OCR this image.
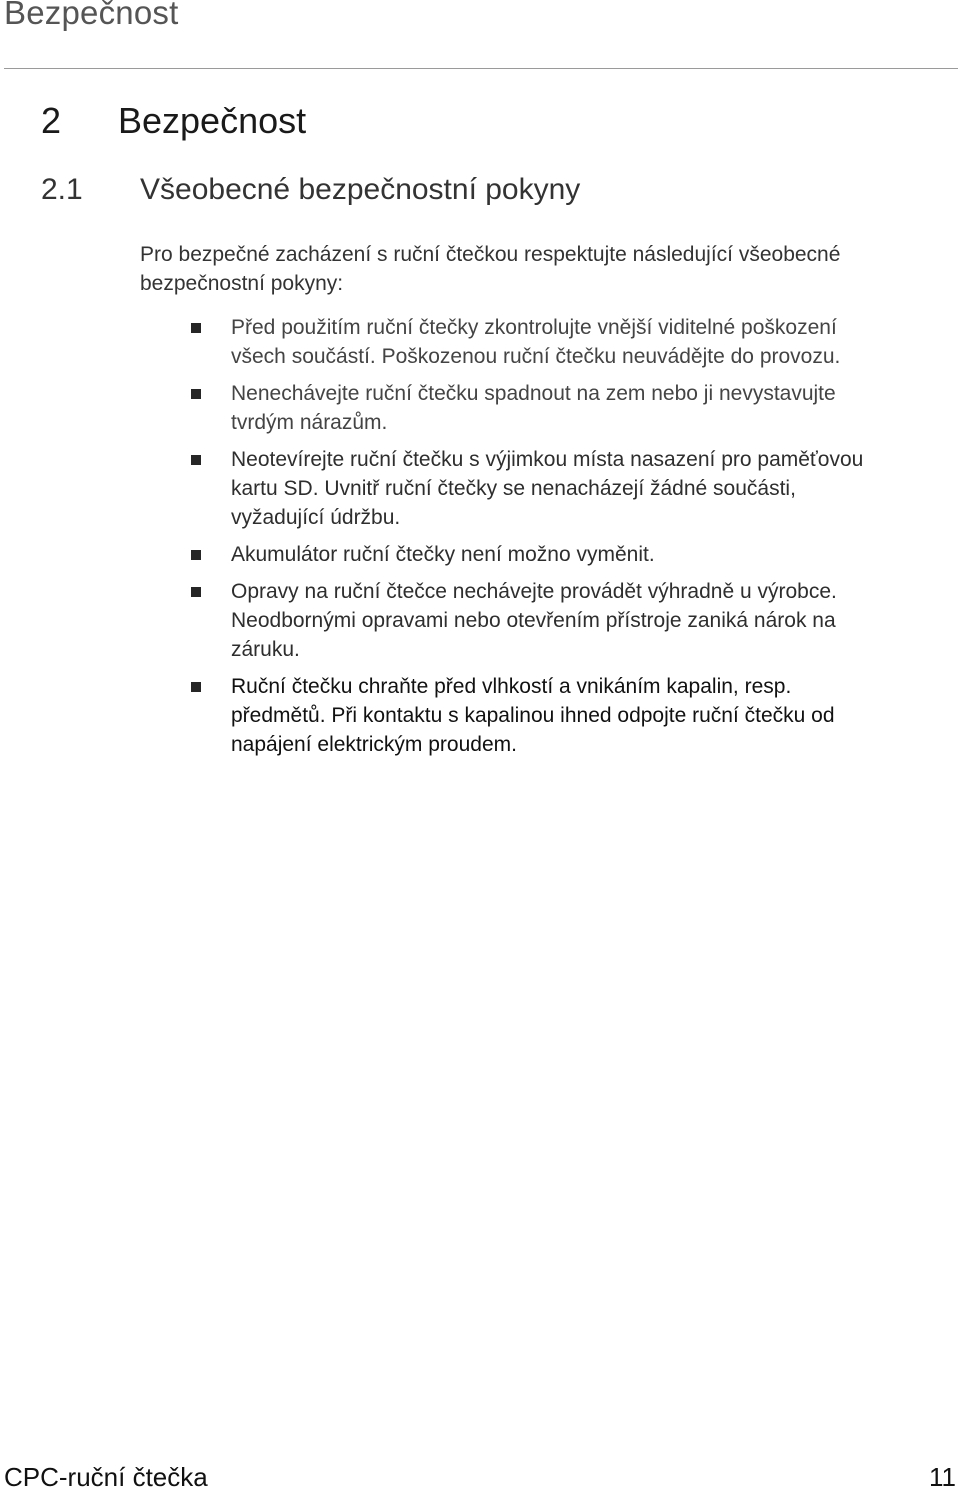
Bezpečnost
2 Bezpečnost
2.1 Všeobecné bezpečnostní pokyny

Pro bezpečné zacházení s ruční čtečkou respektujte následující všeobecné bezpečnostní pokyny:

Před použitím ruční čtečky zkontrolujte vnější viditelné poškození všech součástí. Poškozenou ruční čtečku neuvádějte do provozu.
Nenechávejte ruční čtečku spadnout na zem nebo ji nevystavujte tvrdým nárazům.
Neotevírejte ruční čtečku s výjimkou místa nasazení pro paměťovou kartu SD. Uvnitř ruční čtečky se nenacházejí žádné součásti, vyžadující údržbu.
Akumulátor ruční čtečky není možno vyměnit.
Opravy na ruční čtečce nechávejte provádět výhradně u výrobce. Neodbornými opravami nebo otevřením přístroje zaniká nárok na záruku.
Ruční čtečku chraňte před vlhkostí a vnikáním kapalin, resp. předmětů. Při kontaktu s kapalinou ihned odpojte ruční čtečku od napájení elektrickým proudem.
CPC-ruční čtečka	11
